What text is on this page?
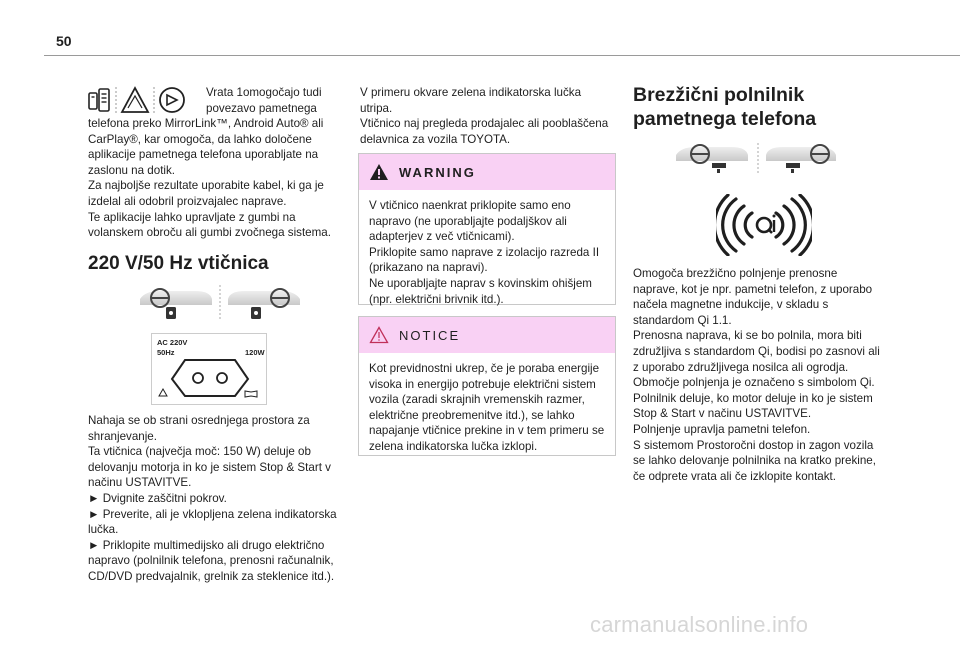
50
Vrata 1omogočajo tudi
povezavo pametnega
telefona preko MirrorLink™, Android Auto® ali
CarPlay®, kar omogoča, da lahko določene
aplikacije pametnega telefona uporabljate na
zaslonu na dotik.
Za najboljše rezultate uporabite kabel, ki ga je
izdelal ali odobril proizvajalec naprave.
Te aplikacije lahko upravljate z gumbi na
volanskem obroču ali gumbi zvočnega sistema.
220 V/50 Hz vtičnica
AC 220V
50Hz	120W
Nahaja se ob strani osrednjega prostora za
shranjevanje.
Ta vtičnica (največja moč: 150 W) deluje ob
delovanju motorja in ko je sistem Stop & Start v
načinu USTAVITVE.
► Dvignite zaščitni pokrov.
► Preverite, ali je vklopljena zelena indikatorska
lučka.
► Priklopite multimedijsko ali drugo električno
napravo (polnilnik telefona, prenosni računalnik,
CD/DVD predvajalnik, grelnik za steklenice itd.).
V primeru okvare zelena indikatorska lučka
utripa.
Vtičnico naj pregleda prodajalec ali pooblaščena
delavnica za vozila TOYOTA.
WARNING
V vtičnico naenkrat priklopite samo eno
napravo (ne uporabljajte podaljškov ali
adapterjev z več vtičnicami).
Priklopite samo naprave z izolacijo razreda II
(prikazano na napravi).
Ne uporabljajte naprav s kovinskim ohišjem
(npr. električni brivnik itd.).
NOTICE
Kot previdnostni ukrep, če je poraba energije
visoka in energijo potrebuje električni sistem
vozila (zaradi skrajnih vremenskih razmer,
električne preobremenitve itd.), se lahko
napajanje vtičnice prekine in v tem primeru se
zelena indikatorska lučka izklopi.
Brezžični polnilnik
pametnega telefona
Omogoča brezžično polnjenje prenosne
naprave, kot je npr. pametni telefon, z uporabo
načela magnetne indukcije, v skladu s
standardom Qi 1.1.
Prenosna naprava, ki se bo polnila, mora biti
združljiva s standardom Qi, bodisi po zasnovi ali
z uporabo združljivega nosilca ali ogrodja.
Območje polnjenja je označeno s simbolom Qi.
Polnilnik deluje, ko motor deluje in ko je sistem
Stop & Start v načinu USTAVITVE.
Polnjenje upravlja pametni telefon.
S sistemom Prostoročni dostop in zagon vozila
se lahko delovanje polnilnika na kratko prekine,
če odprete vrata ali če izklopite kontakt.
carmanualsonline.info
